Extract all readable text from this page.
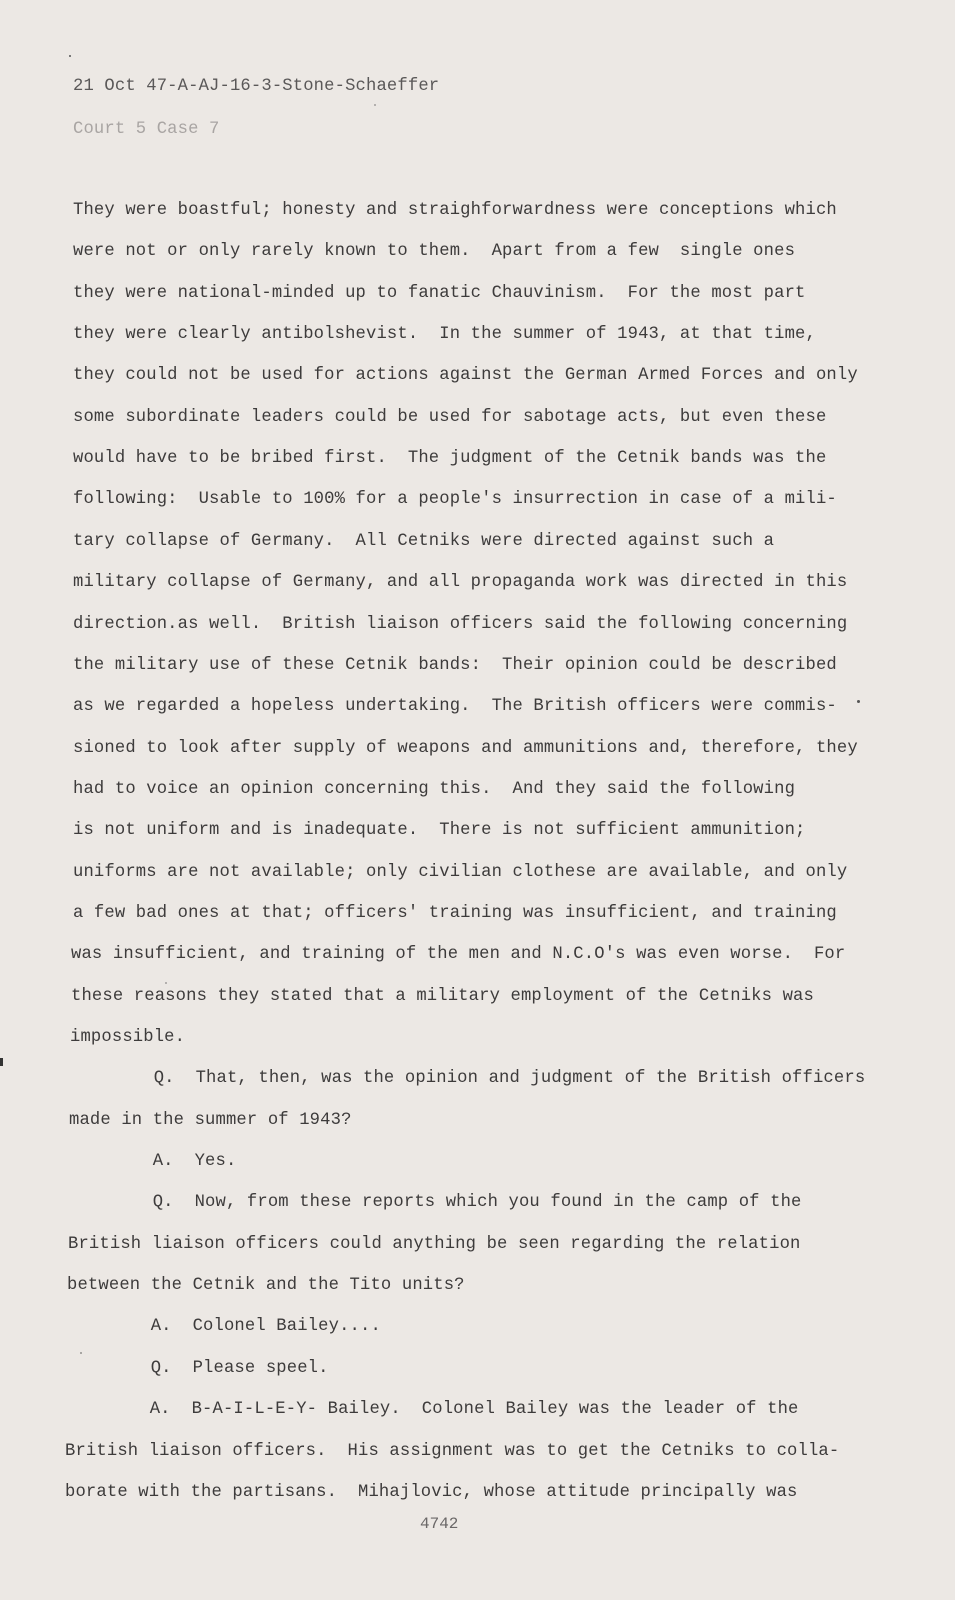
21 Oct 47-A-AJ-16-3-Stone-Schaeffer
Court 5 Case 7
They were boastful; honesty and straighforwardness were conceptions which
were not or only rarely known to them.  Apart from a few  single ones
they were national-minded up to fanatic Chauvinism.  For the most part
they were clearly antibolshevist.  In the summer of 1943, at that time,
they could not be used for actions against the German Armed Forces and only
some subordinate leaders could be used for sabotage acts, but even these
would have to be bribed first.  The judgment of the Cetnik bands was the
following:  Usable to 100% for a people's insurrection in case of a mili-
tary collapse of Germany.  All Cetniks were directed against such a
military collapse of Germany, and all propaganda work was directed in this
direction.as well.  British liaison officers said the following concerning
the military use of these Cetnik bands:  Their opinion could be described
as we regarded a hopeless undertaking.  The British officers were commis-
sioned to look after supply of weapons and ammunitions and, therefore, they
had to voice an opinion concerning this.  And they said the following
is not uniform and is inadequate.  There is not sufficient ammunition;
uniforms are not available; only civilian clothese are available, and only
a few bad ones at that; officers' training was insufficient, and training
was insufficient, and training of the men and N.C.O's was even worse.  For
these reasons they stated that a military employment of the Cetniks was
impossible.
Q.  That, then, was the opinion and judgment of the British officers
made in the summer of 1943?
A.  Yes.
Q.  Now, from these reports which you found in the camp of the
British liaison officers could anything be seen regarding the relation
between the Cetnik and the Tito units?
A.  Colonel Bailey....
Q.  Please speel.
A.  B-A-I-L-E-Y- Bailey.  Colonel Bailey was the leader of the
British liaison officers.  His assignment was to get the Cetniks to colla-
borate with the partisans.  Mihajlovic, whose attitude principally was
4742
